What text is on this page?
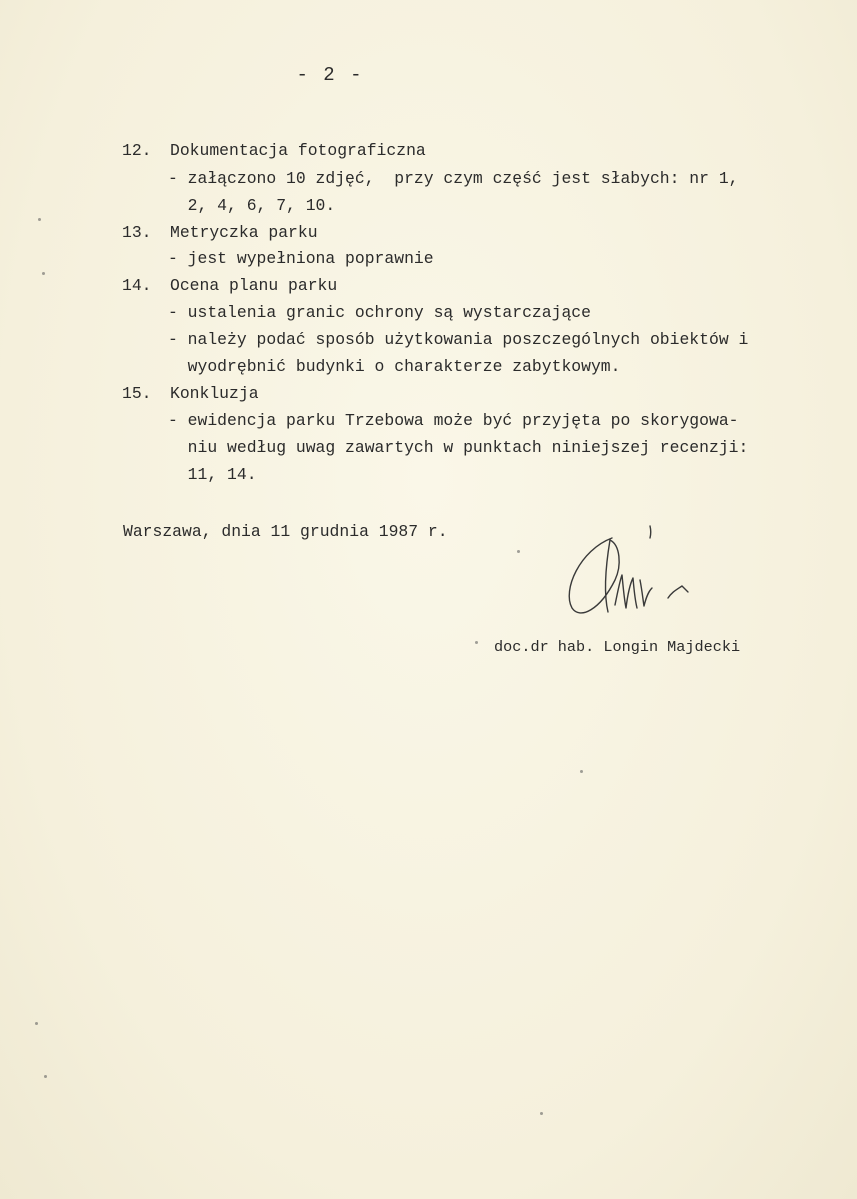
- 2 -
12. Dokumentacja fotograficzna
- załączono 10 zdjęć,  przy czym część jest słabych: nr 1,
2, 4, 6, 7, 10.
13. Metryczka parku
- jest wypełniona poprawnie
14. Ocena planu parku
- ustalenia granic ochrony są wystarczające
- należy podać sposób użytkowania poszczególnych obiektów i
wyodrębnić budynki o charakterze zabytkowym.
15. Konkluzja
- ewidencja parku Trzebowa może być przyjęta po skorygowa-
niu według uwag zawartych w punktach niniejszej recenzji:
11, 14.
Warszawa, dnia 11 grudnia 1987 r.
doc.dr hab. Longin Majdecki
